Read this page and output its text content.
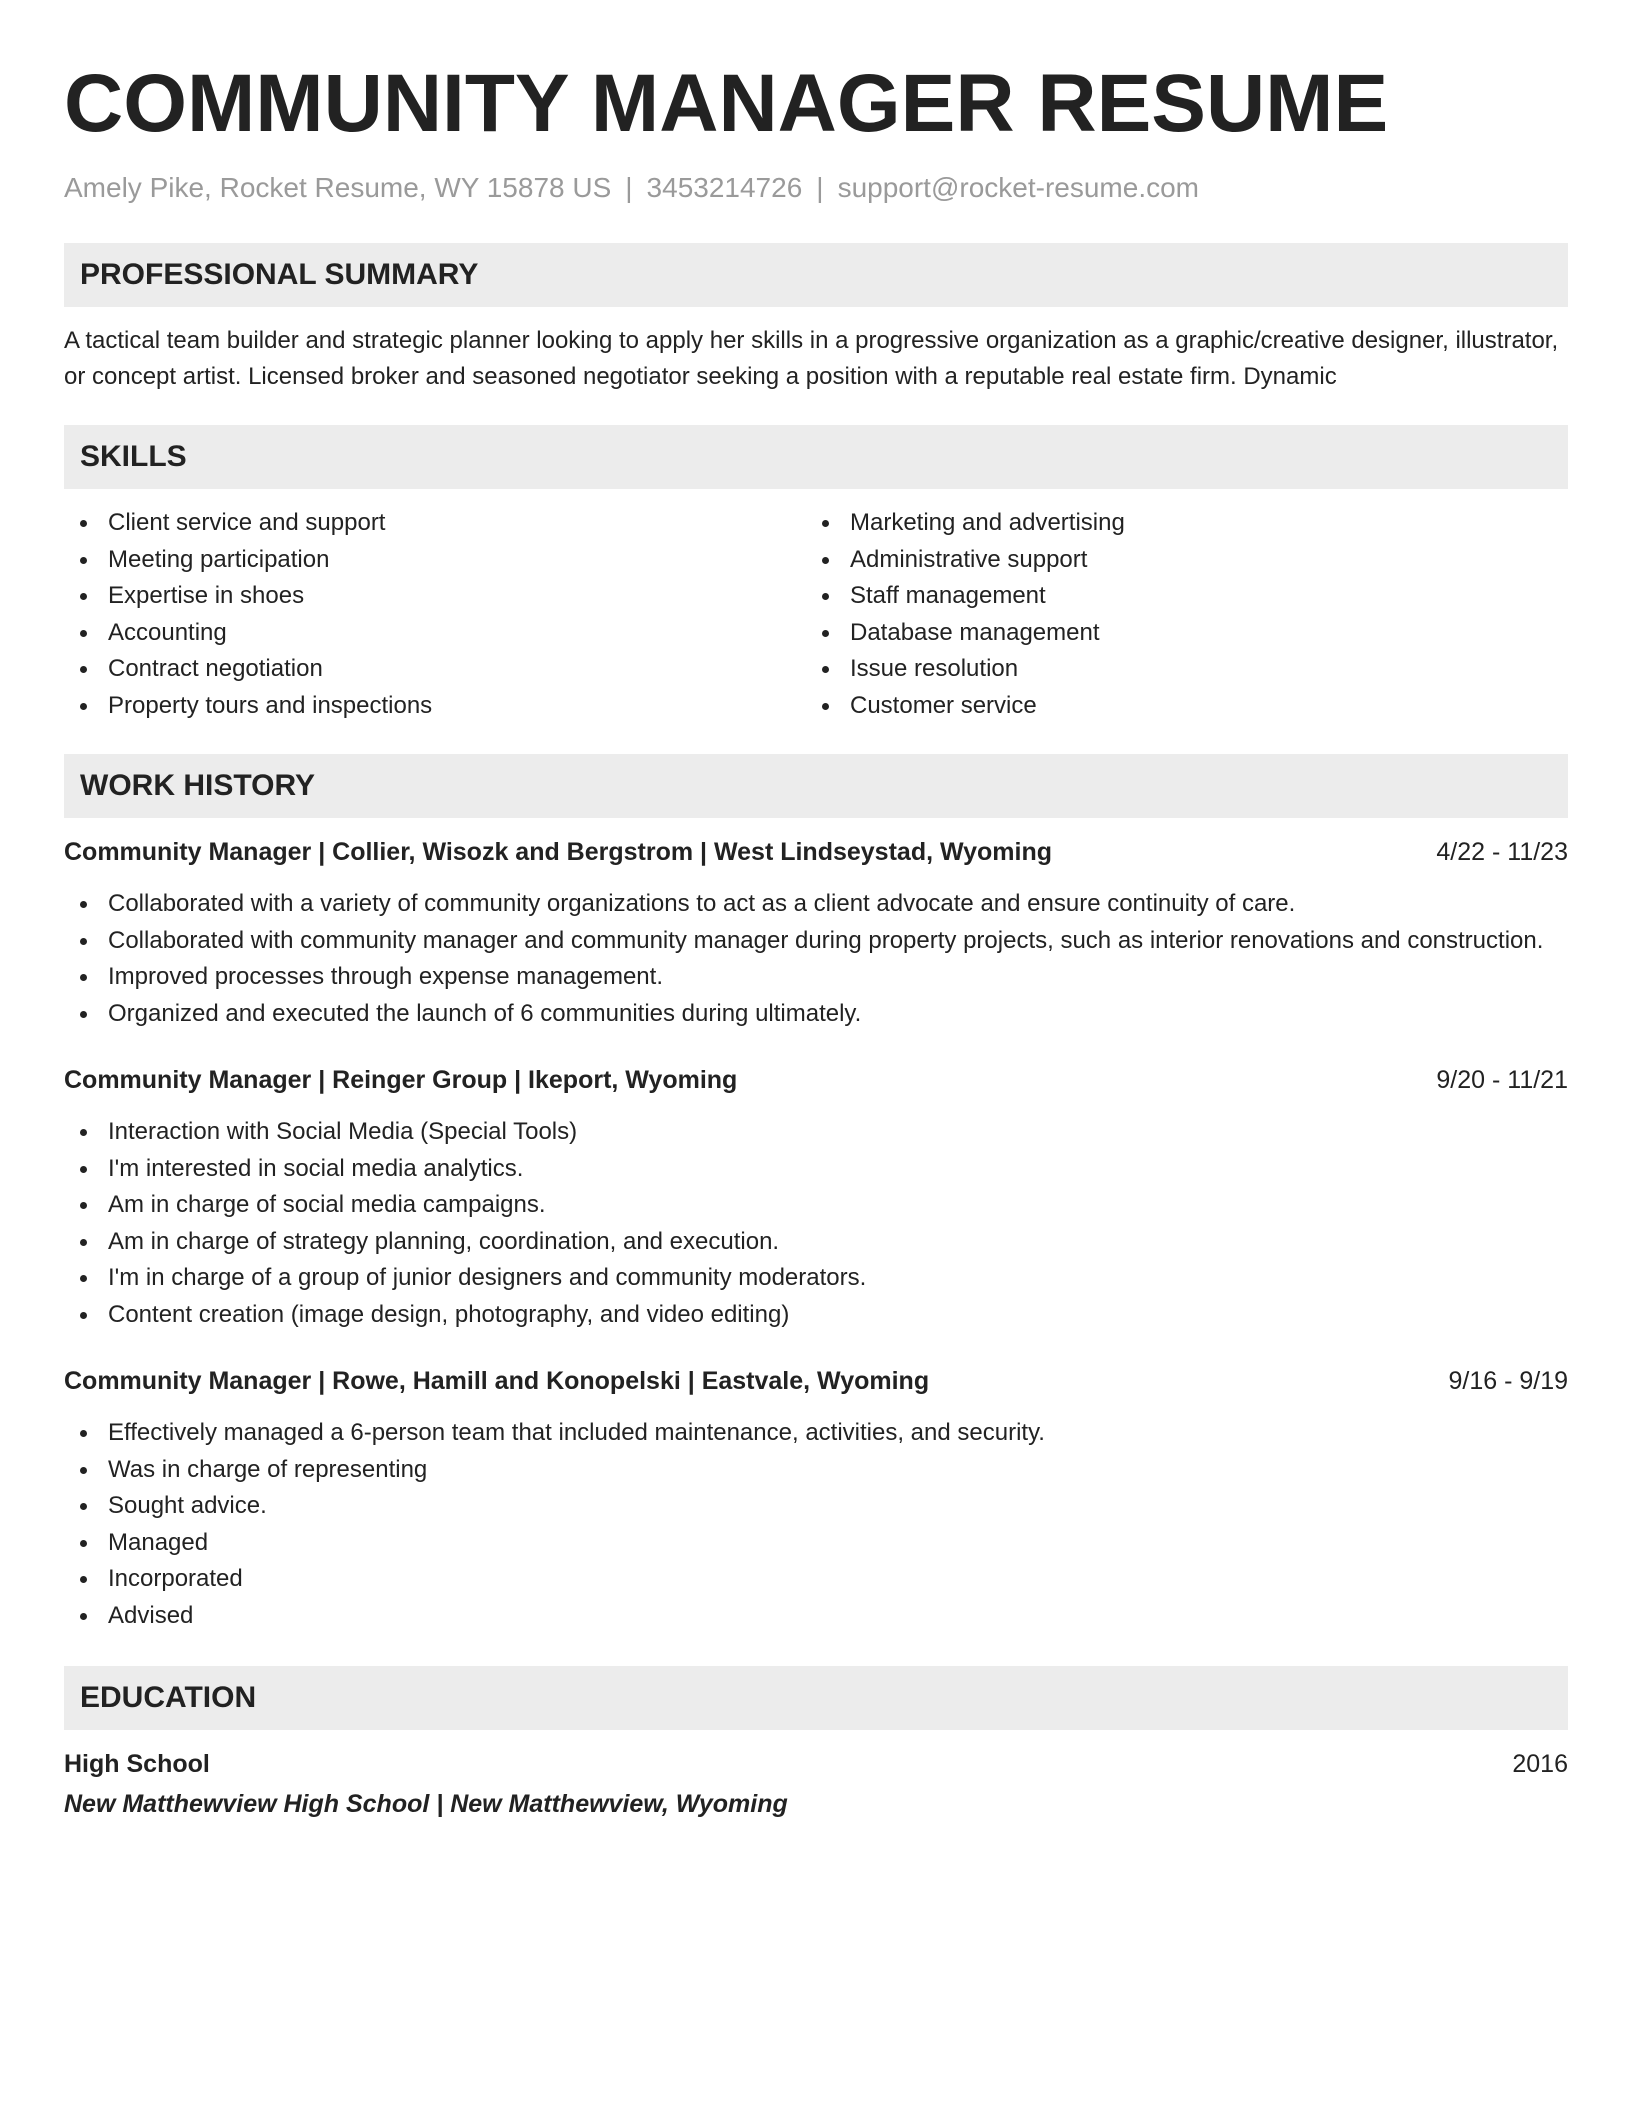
COMMUNITY MANAGER RESUME
Amely Pike, Rocket Resume, WY 15878 US | 3453214726 | support@rocket-resume.com
PROFESSIONAL SUMMARY
A tactical team builder and strategic planner looking to apply her skills in a progressive organization as a graphic/creative designer, illustrator, or concept artist. Licensed broker and seasoned negotiator seeking a position with a reputable real estate firm. Dynamic
SKILLS
Client service and support
Meeting participation
Expertise in shoes
Accounting
Contract negotiation
Property tours and inspections
Marketing and advertising
Administrative support
Staff management
Database management
Issue resolution
Customer service
WORK HISTORY
Community Manager | Collier, Wisozk and Bergstrom | West Lindseystad, Wyoming	4/22 - 11/23
Collaborated with a variety of community organizations to act as a client advocate and ensure continuity of care.
Collaborated with community manager and community manager during property projects, such as interior renovations and construction.
Improved processes through expense management.
Organized and executed the launch of 6 communities during ultimately.
Community Manager | Reinger Group | Ikeport, Wyoming	9/20 - 11/21
Interaction with Social Media (Special Tools)
I'm interested in social media analytics.
Am in charge of social media campaigns.
Am in charge of strategy planning, coordination, and execution.
I'm in charge of a group of junior designers and community moderators.
Content creation (image design, photography, and video editing)
Community Manager | Rowe, Hamill and Konopelski | Eastvale, Wyoming	9/16 - 9/19
Effectively managed a 6-person team that included maintenance, activities, and security.
Was in charge of representing
Sought advice.
Managed
Incorporated
Advised
EDUCATION
High School	2016
New Matthewview High School | New Matthewview, Wyoming
